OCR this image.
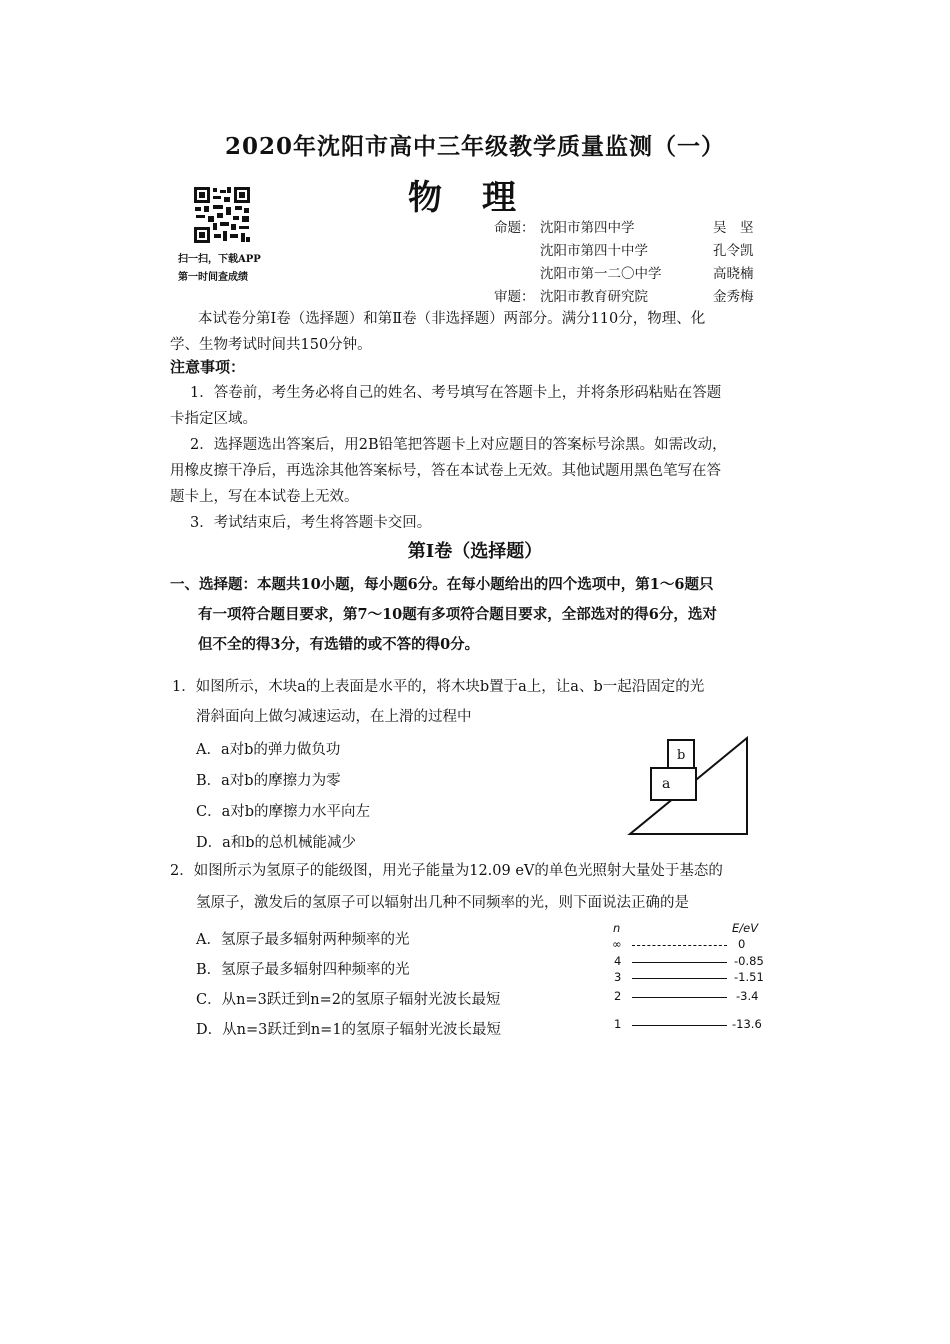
2020年沈阳市高中三年级教学质量监测（一）
物理
扫一扫，下载APP
第一时间查成绩
命题： 沈阳市第四中学	吴　坚
沈阳市第四十中学	孔令凯
沈阳市第一二〇中学	高晓楠
审题： 沈阳市教育研究院	金秀梅
本试卷分第Ⅰ卷（选择题）和第Ⅱ卷（非选择题）两部分。满分110分，物理、化
学、生物考试时间共150分钟。
注意事项：
1．答卷前，考生务必将自己的姓名、考号填写在答题卡上，并将条形码粘贴在答题
卡指定区域。
2．选择题选出答案后，用2B铅笔把答题卡上对应题目的答案标号涂黑。如需改动，
用橡皮擦干净后，再选涂其他答案标号，答在本试卷上无效。其他试题用黑色笔写在答
题卡上，写在本试卷上无效。
3．考试结束后，考生将答题卡交回。
第Ⅰ卷（选择题）
一、选择题：本题共10小题，每小题6分。在每小题给出的四个选项中，第1～6题只
有一项符合题目要求，第7～10题有多项符合题目要求，全部选对的得6分，选对
但不全的得3分，有选错的或不答的得0分。
1．如图所示，木块a的上表面是水平的，将木块b置于a上，让a、b一起沿固定的光
滑斜面向上做匀减速运动，在上滑的过程中
A．a对b的弹力做负功
B．a对b的摩擦力为零
C．a对b的摩擦力水平向左
D．a和b的总机械能减少
a
b
2．如图所示为氢原子的能级图，用光子能量为12.09 eV的单色光照射大量处于基态的
氢原子，激发后的氢原子可以辐射出几种不同频率的光，则下面说法正确的是
A．氢原子最多辐射两种频率的光
B．氢原子最多辐射四种频率的光
C．从n=3跃迁到n=2的氢原子辐射光波长最短
D．从n=3跃迁到n=1的氢原子辐射光波长最短
n	E/eV
∞	0
4	-0.85
3	-1.51
2	-3.4
1	-13.6
